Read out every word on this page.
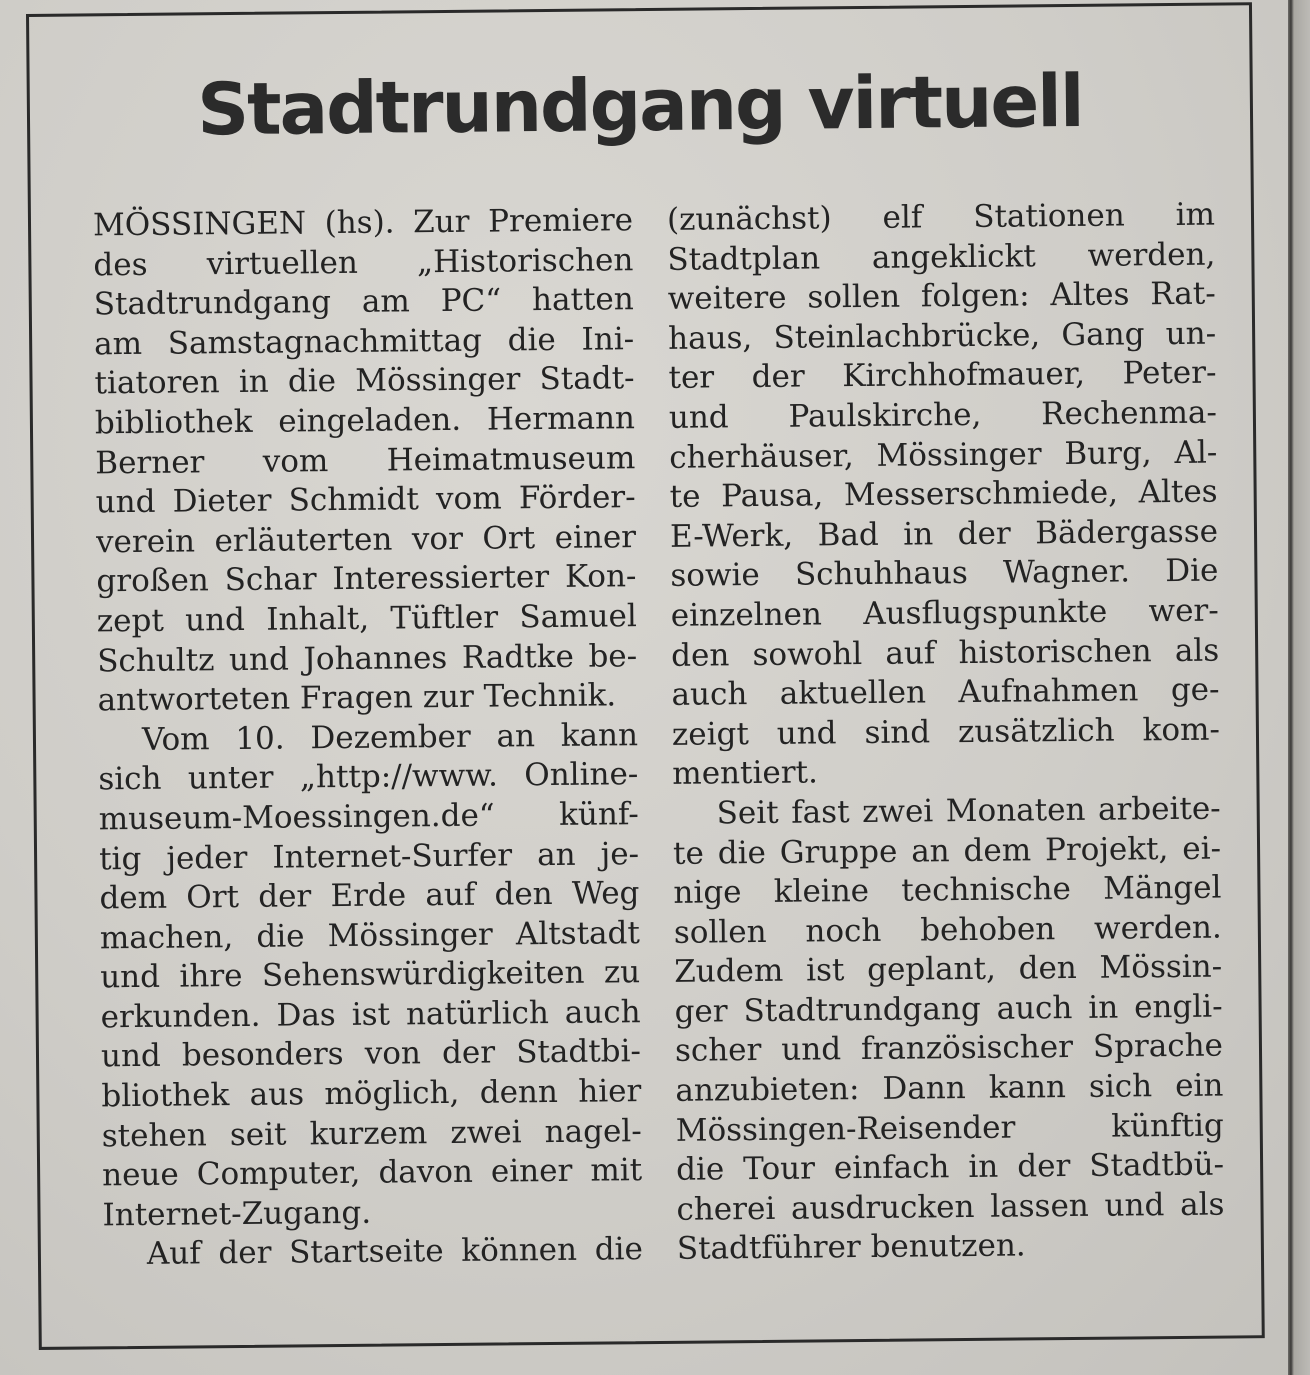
Stadtrundgang virtuell
MÖSSINGEN (hs). Zur Premiere
des virtuellen „Historischen
Stadtrundgang am PC“ hatten
am Samstagnachmittag die Ini-
tiatoren in die Mössinger Stadt-
bibliothek eingeladen. Hermann
Berner vom Heimatmuseum
und Dieter Schmidt vom Förder-
verein erläuterten vor Ort einer
großen Schar Interessierter Kon-
zept und Inhalt, Tüftler Samuel
Schultz und Johannes Radtke be-
antworteten Fragen zur Technik.
Vom 10. Dezember an kann
sich unter „http://www. Online-
museum-Moessingen.de“ künf-
tig jeder Internet-Surfer an je-
dem Ort der Erde auf den Weg
machen, die Mössinger Altstadt
und ihre Sehenswürdigkeiten zu
erkunden. Das ist natürlich auch
und besonders von der Stadtbi-
bliothek aus möglich, denn hier
stehen seit kurzem zwei nagel-
neue Computer, davon einer mit
Internet-Zugang.
Auf der Startseite können die
(zunächst) elf Stationen im
Stadtplan angeklickt werden,
weitere sollen folgen: Altes Rat-
haus, Steinlachbrücke, Gang un-
ter der Kirchhofmauer, Peter-
und Paulskirche, Rechenma-
cherhäuser, Mössinger Burg, Al-
te Pausa, Messerschmiede, Altes
E-Werk, Bad in der Bädergasse
sowie Schuhhaus Wagner. Die
einzelnen Ausflugspunkte wer-
den sowohl auf historischen als
auch aktuellen Aufnahmen ge-
zeigt und sind zusätzlich kom-
mentiert.
Seit fast zwei Monaten arbeite-
te die Gruppe an dem Projekt, ei-
nige kleine technische Mängel
sollen noch behoben werden.
Zudem ist geplant, den Mössin-
ger Stadtrundgang auch in engli-
scher und französischer Sprache
anzubieten: Dann kann sich ein
Mössingen-Reisender	künftig
die Tour einfach in der Stadtbü-
cherei ausdrucken lassen und als
Stadtführer benutzen.
